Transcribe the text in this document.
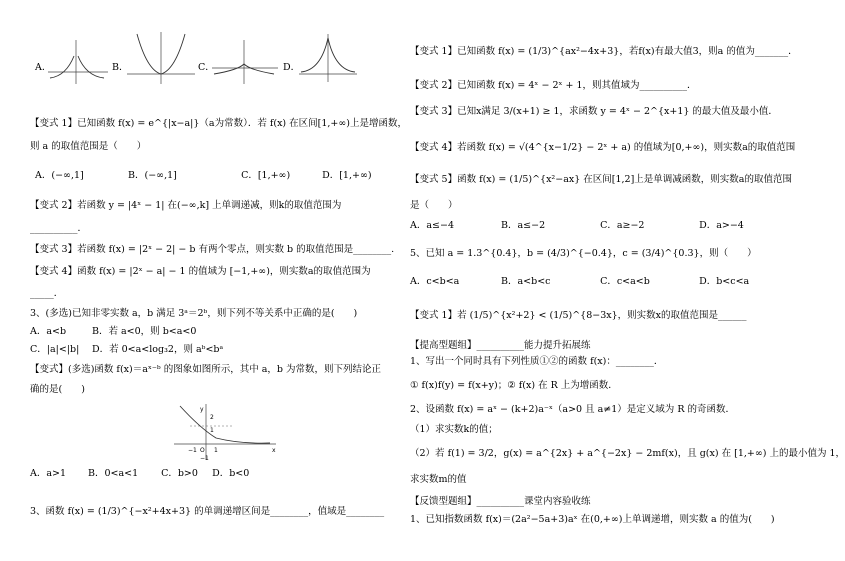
A．	B．	C．	D．
【变式 1】已知函数 f(x) = e^{|x−a|}（a为常数）．若 f(x) 在区间[1,+∞)上是增函数，
则 a 的取值范围是（　　）
A．(−∞,1]	B．(−∞,1]	C．[1,+∞)	D．[1,+∞)
【变式 2】若函数 y = |4ˣ − 1| 在(−∞,k] 上单调递减，则k的取值范围为
__________．
【变式 3】若函数 f(x) = |2ˣ − 2| − b 有两个零点，则实数 b 的取值范围是________.
【变式 4】函数 f(x) = |2ˣ − a| − 1 的值域为 [−1,+∞)，则实数a的取值范围为
_____．
3、(多选)已知非零实数 a，b 满足 3ᵃ＝2ᵇ，则下列不等关系中正确的是(　　)
A．a<b	B．若 a<0，则 b<a<0
C．|a|<|b| D．若 0<a<log₃2，则 aᵇ<bᵃ
【变式】(多选)函数 f(x)＝aˣ⁻ᵇ 的图象如图所示，其中 a，b 为常数，则下列结论正
确的是(　　)
y
2
1
−1 O 1	x
−1
A．a>1 B．0<a<1 C．b>0 D．b<0
3、函数 f(x) = (1/3)^{−x²+4x+3} 的单调递增区间是________，值域是________
【变式 1】已知函数 f(x) = (1/3)^{ax²−4x+3}，若f(x)有最大值3，则a 的值为_______．
【变式 2】已知函数 f(x) = 4ˣ − 2ˣ + 1，则其值域为__________．
【变式 3】已知x满足 3/(x+1) ≥ 1，求函数 y = 4ˣ − 2^{x+1} 的最大值及最小值．
【变式 4】若函数 f(x) = √(4^{x−1/2} − 2ˣ + a) 的值域为[0,+∞)，则实数a的取值范围
【变式 5】函数 f(x) = (1/5)^{x²−ax} 在区间[1,2]上是单调减函数，则实数a的取值范围
是（　　）
A．a≤−4	B．a≤−2	C．a≥−2	D．a>−4
5、已知 a = 1.3^{0.4}，b = (4/3)^{−0.4}，c = (3/4)^{0.3}，则（　　）
A．c<b<a	B．a<b<c	C．c<a<b	D．b<c<a
【变式 1】若 (1/5)^{x²+2} < (1/5)^{8−3x}，则实数x的取值范围是______
【提高型题组】__________能力提升拓展练
1、写出一个同时具有下列性质①②的函数 f(x)：________．
① f(x)f(y) = f(x+y)；② f(x) 在 R 上为增函数．
2、设函数 f(x) = aˣ − (k+2)a⁻ˣ（a>0 且 a≠1）是定义域为 R 的奇函数．
（1）求实数k的值；
（2）若 f(1) = 3/2，g(x) = a^{2x} + a^{−2x} − 2mf(x)，且 g(x) 在 [1,+∞) 上的最小值为 1，
求实数m的值
【反馈型题组】__________课堂内容验收练
1、已知指数函数 f(x)＝(2a²−5a+3)aˣ 在(0,+∞)上单调递增，则实数 a 的值为(　　)
